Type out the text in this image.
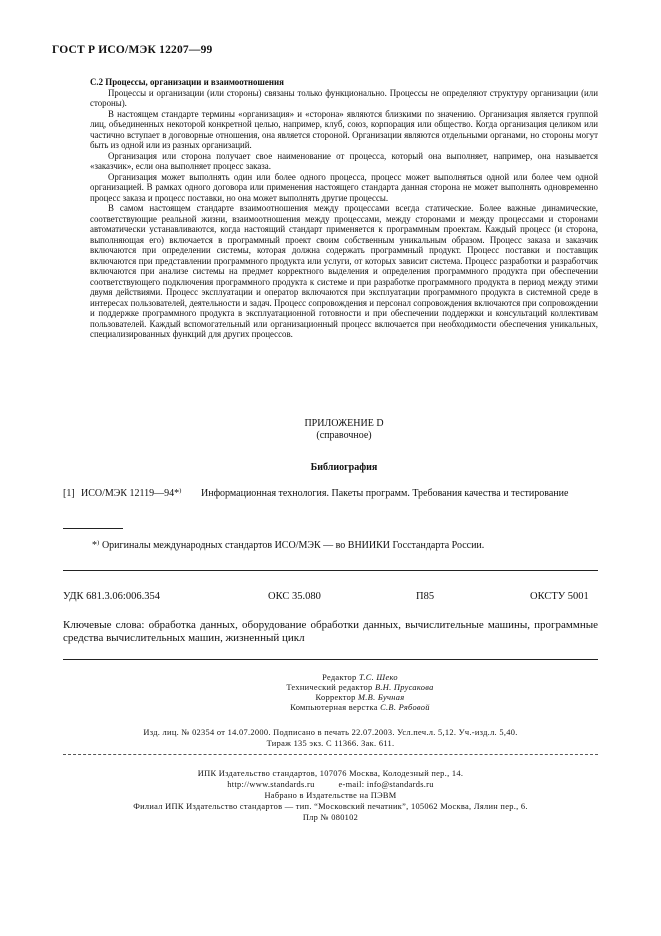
ГОСТ Р ИСО/МЭК 12207—99
С.2 Процессы, организации и взаимоотношения

Процессы и организации (или стороны) связаны только функционально. Процессы не определяют структуру организации (или стороны).

В настоящем стандарте термины «организация» и «сторона» являются близкими по значению. Организация является группой лиц, объединенных некоторой конкретной целью, например, клуб, союз, корпорация или общество. Когда организация целиком или частично вступает в договорные отношения, она является стороной. Организации являются отдельными органами, но стороны могут быть из одной или из разных организаций.

Организация или сторона получает свое наименование от процесса, который она выполняет, например, она называется «заказчик», если она выполняет процесс заказа.

Организация может выполнять один или более одного процесса, процесс может выполняться одной или более чем одной организацией. В рамках одного договора или применения настоящего стандарта данная сторона не может выполнять одновременно процесс заказа и процесс поставки, но она может выполнять другие процессы.

В самом настоящем стандарте взаимоотношения между процессами всегда статические. Более важные динамические, соответствующие реальной жизни, взаимоотношения между процессами, между сторонами и между процессами и сторонами автоматически устанавливаются, когда настоящий стандарт применяется к программным проектам. Каждый процесс (и сторона, выполняющая его) включается в программный проект своим собственным уникальным образом. Процесс заказа и заказчик включаются при определении системы, которая должна содержать программный продукт. Процесс поставки и поставщик включаются при представлении программного продукта или услуги, от которых зависит система. Процесс разработки и разработчик включаются при анализе системы на предмет корректного выделения и определения программного продукта при обеспечении соответствующего подключения программного продукта к системе и при разработке программного продукта в период между этими двумя действиями. Процесс эксплуатации и оператор включаются при эксплуатации программного продукта в системной среде в интересах пользователей, деятельности и задач. Процесс сопровождения и персонал сопровождения включаются при сопровождении и поддержке программного продукта в эксплуатационной готовности и при обеспечении поддержки и консультаций коллективам пользователей. Каждый вспомогательный или организационный процесс включается при необходимости обеспечения уникальных, специализированных функций для других процессов.

ПРИЛОЖЕНИЕ D
(справочное)
Библиография
[1] ИСО/МЭК 12119—94*⁾ Информационная технология. Пакеты программ. Требования качества и тестирование
*⁾ Оригиналы международных стандартов ИСО/МЭК — во ВНИИКИ Госстандарта России.
УДК 681.3.06:006.354	ОКС 35.080	П85	ОКСТУ 5001
Ключевые слова: обработка данных, оборудование обработки данных, вычислительные машины, программные средства вычислительных машин, жизненный цикл
Редактор Т.С. Шеко
Технический редактор В.Н. Прусакова
Корректор М.В. Бучная
Компьютерная верстка С.В. Рябовой
Изд. лиц. № 02354 от 14.07.2000. Подписано в печать 22.07.2003. Усл.печ.л. 5,12. Уч.-изд.л. 5,40.
Тираж 135 экз. С 11366. Зак. 611.
ИПК Издательство стандартов, 107076 Москва, Колодезный пер., 14.
http://www.standards.ru          e-mail: info@standards.ru
Набрано в Издательстве на ПЭВМ
Филиал ИПК Издательство стандартов — тип. “Московский печатник”, 105062 Москва, Лялин пер., 6.
Плр № 080102
